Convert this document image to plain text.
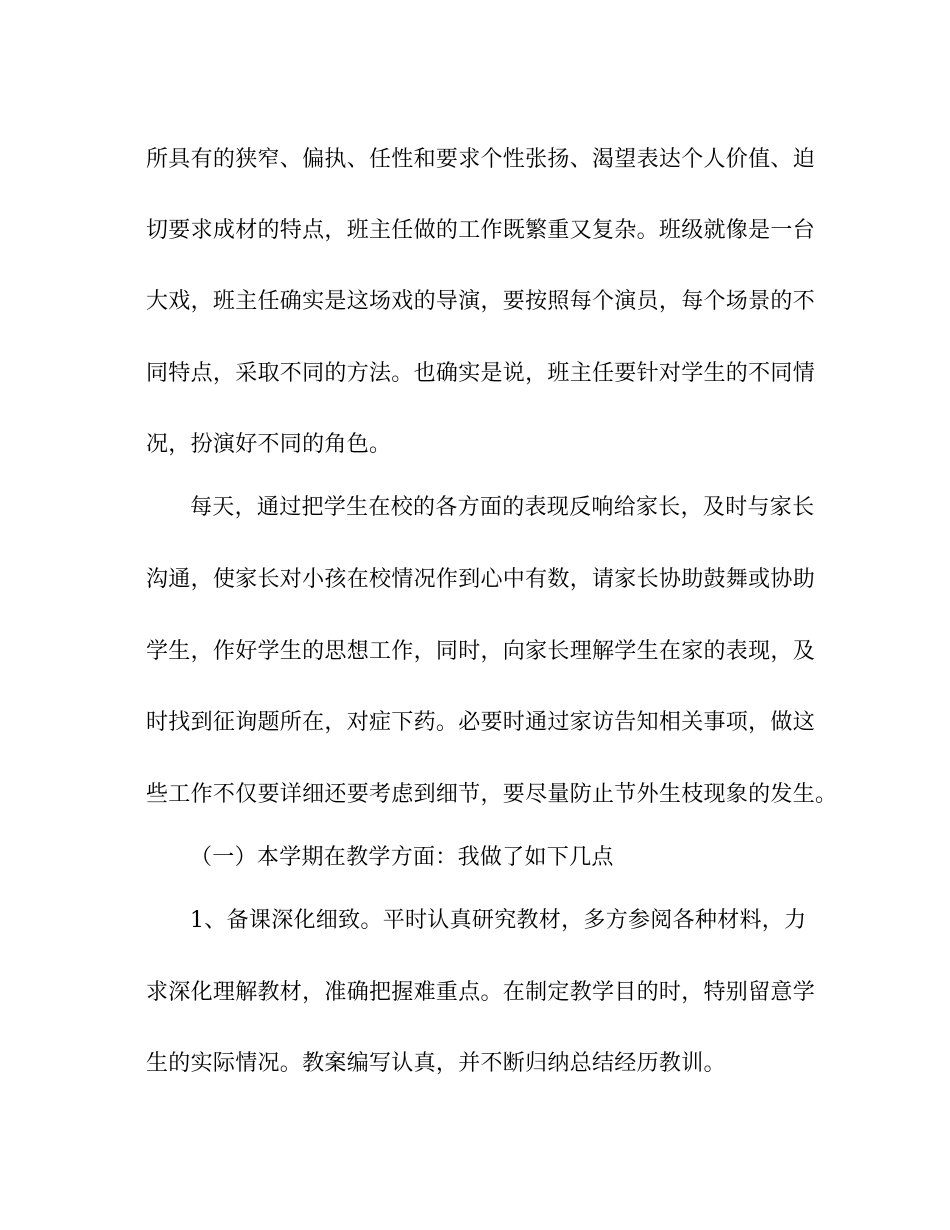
所具有的狭窄、偏执、任性和要求个性张扬、渴望表达个人价值、迫
切要求成材的特点，班主任做的工作既繁重又复杂。班级就像是一台
大戏，班主任确实是这场戏的导演，要按照每个演员，每个场景的不
同特点，采取不同的方法。也确实是说，班主任要针对学生的不同情
况，扮演好不同的角色。
每天，通过把学生在校的各方面的表现反响给家长，及时与家长
沟通，使家长对小孩在校情况作到心中有数，请家长协助鼓舞或协助
学生，作好学生的思想工作，同时，向家长理解学生在家的表现，及
时找到征询题所在，对症下药。必要时通过家访告知相关事项，做这
些工作不仅要详细还要考虑到细节，要尽量防止节外生枝现象的发生。
（一）本学期在教学方面：我做了如下几点
1、备课深化细致。平时认真研究教材，多方参阅各种材料，力
求深化理解教材，准确把握难重点。在制定教学目的时，特别留意学
生的实际情况。教案编写认真，并不断归纳总结经历教训。
